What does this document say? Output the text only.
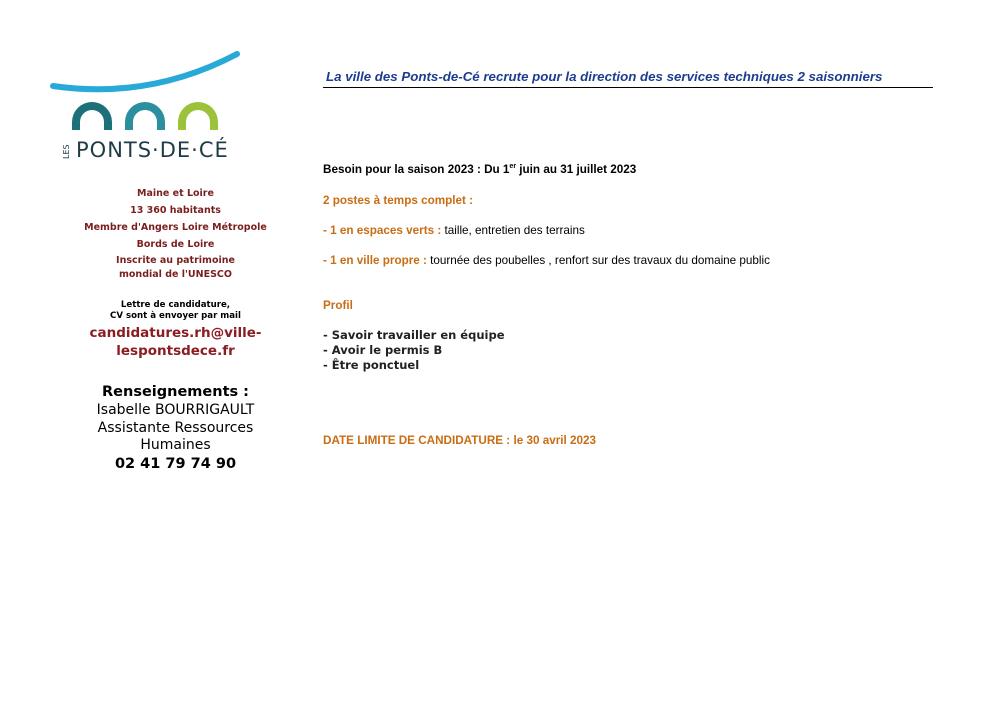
LES PONTS·DE·CÉ
Maine et Loire
13 360 habitants
Membre d'Angers Loire Métropole
Bords de Loire
Inscrite au patrimoine
mondial de l'UNESCO
Lettre de candidature,
CV sont à envoyer par mail
candidatures.rh@ville-
lespontsdece.fr
Renseignements :
Isabelle BOURRIGAULT
Assistante Ressources
Humaines
02 41 79 74 90
La ville des Ponts-de-Cé recrute pour la direction des services techniques 2 saisonniers
Besoin pour la saison 2023 : Du 1er juin au 31 juillet 2023
2 postes à temps complet :
- 1 en espaces verts : taille, entretien des terrains
- 1 en ville propre : tournée des poubelles , renfort sur des travaux du domaine public
Profil
- Savoir travailler en équipe
- Avoir le permis B
- Être ponctuel
DATE LIMITE DE CANDIDATURE : le 30 avril 2023
